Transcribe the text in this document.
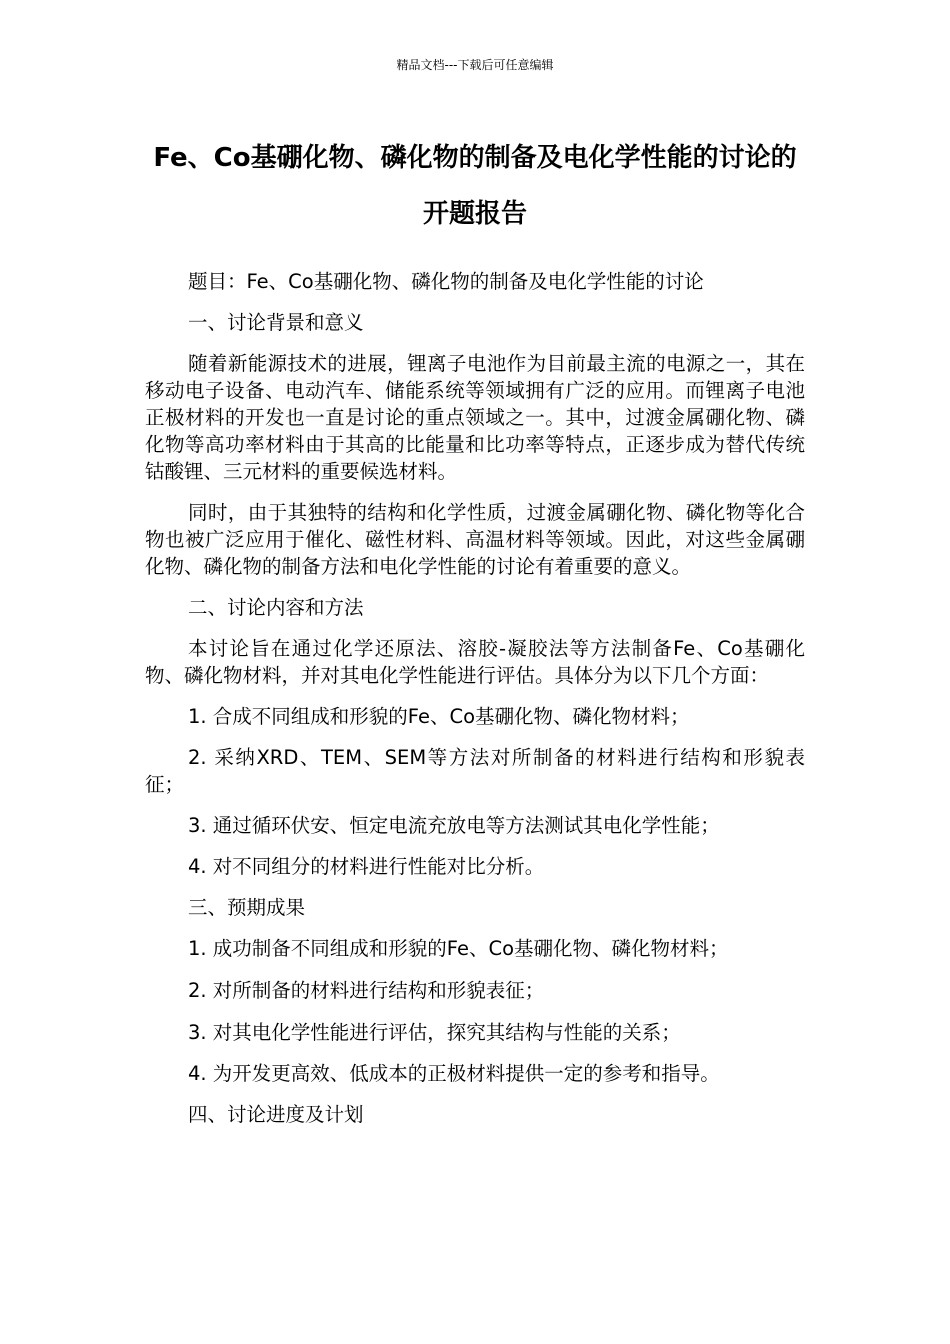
精品文档---下载后可任意编辑
Fe、Co基硼化物、磷化物的制备及电化学性能的讨论的开题报告

题目：Fe、Co基硼化物、磷化物的制备及电化学性能的讨论

一、讨论背景和意义

随着新能源技术的进展，锂离子电池作为目前最主流的电源之一，其在移动电子设备、电动汽车、储能系统等领域拥有广泛的应用。而锂离子电池正极材料的开发也一直是讨论的重点领域之一。其中，过渡金属硼化物、磷化物等高功率材料由于其高的比能量和比功率等特点，正逐步成为替代传统钴酸锂、三元材料的重要候选材料。

同时，由于其独特的结构和化学性质，过渡金属硼化物、磷化物等化合物也被广泛应用于催化、磁性材料、高温材料等领域。因此，对这些金属硼化物、磷化物的制备方法和电化学性能的讨论有着重要的意义。

二、讨论内容和方法

本讨论旨在通过化学还原法、溶胶-凝胶法等方法制备Fe、Co基硼化物、磷化物材料，并对其电化学性能进行评估。具体分为以下几个方面：

1. 合成不同组成和形貌的Fe、Co基硼化物、磷化物材料；

2. 采纳XRD、TEM、SEM等方法对所制备的材料进行结构和形貌表征；

3. 通过循环伏安、恒定电流充放电等方法测试其电化学性能；

4. 对不同组分的材料进行性能对比分析。

三、预期成果

1. 成功制备不同组成和形貌的Fe、Co基硼化物、磷化物材料；

2. 对所制备的材料进行结构和形貌表征；

3. 对其电化学性能进行评估，探究其结构与性能的关系；

4. 为开发更高效、低成本的正极材料提供一定的参考和指导。

四、讨论进度及计划
